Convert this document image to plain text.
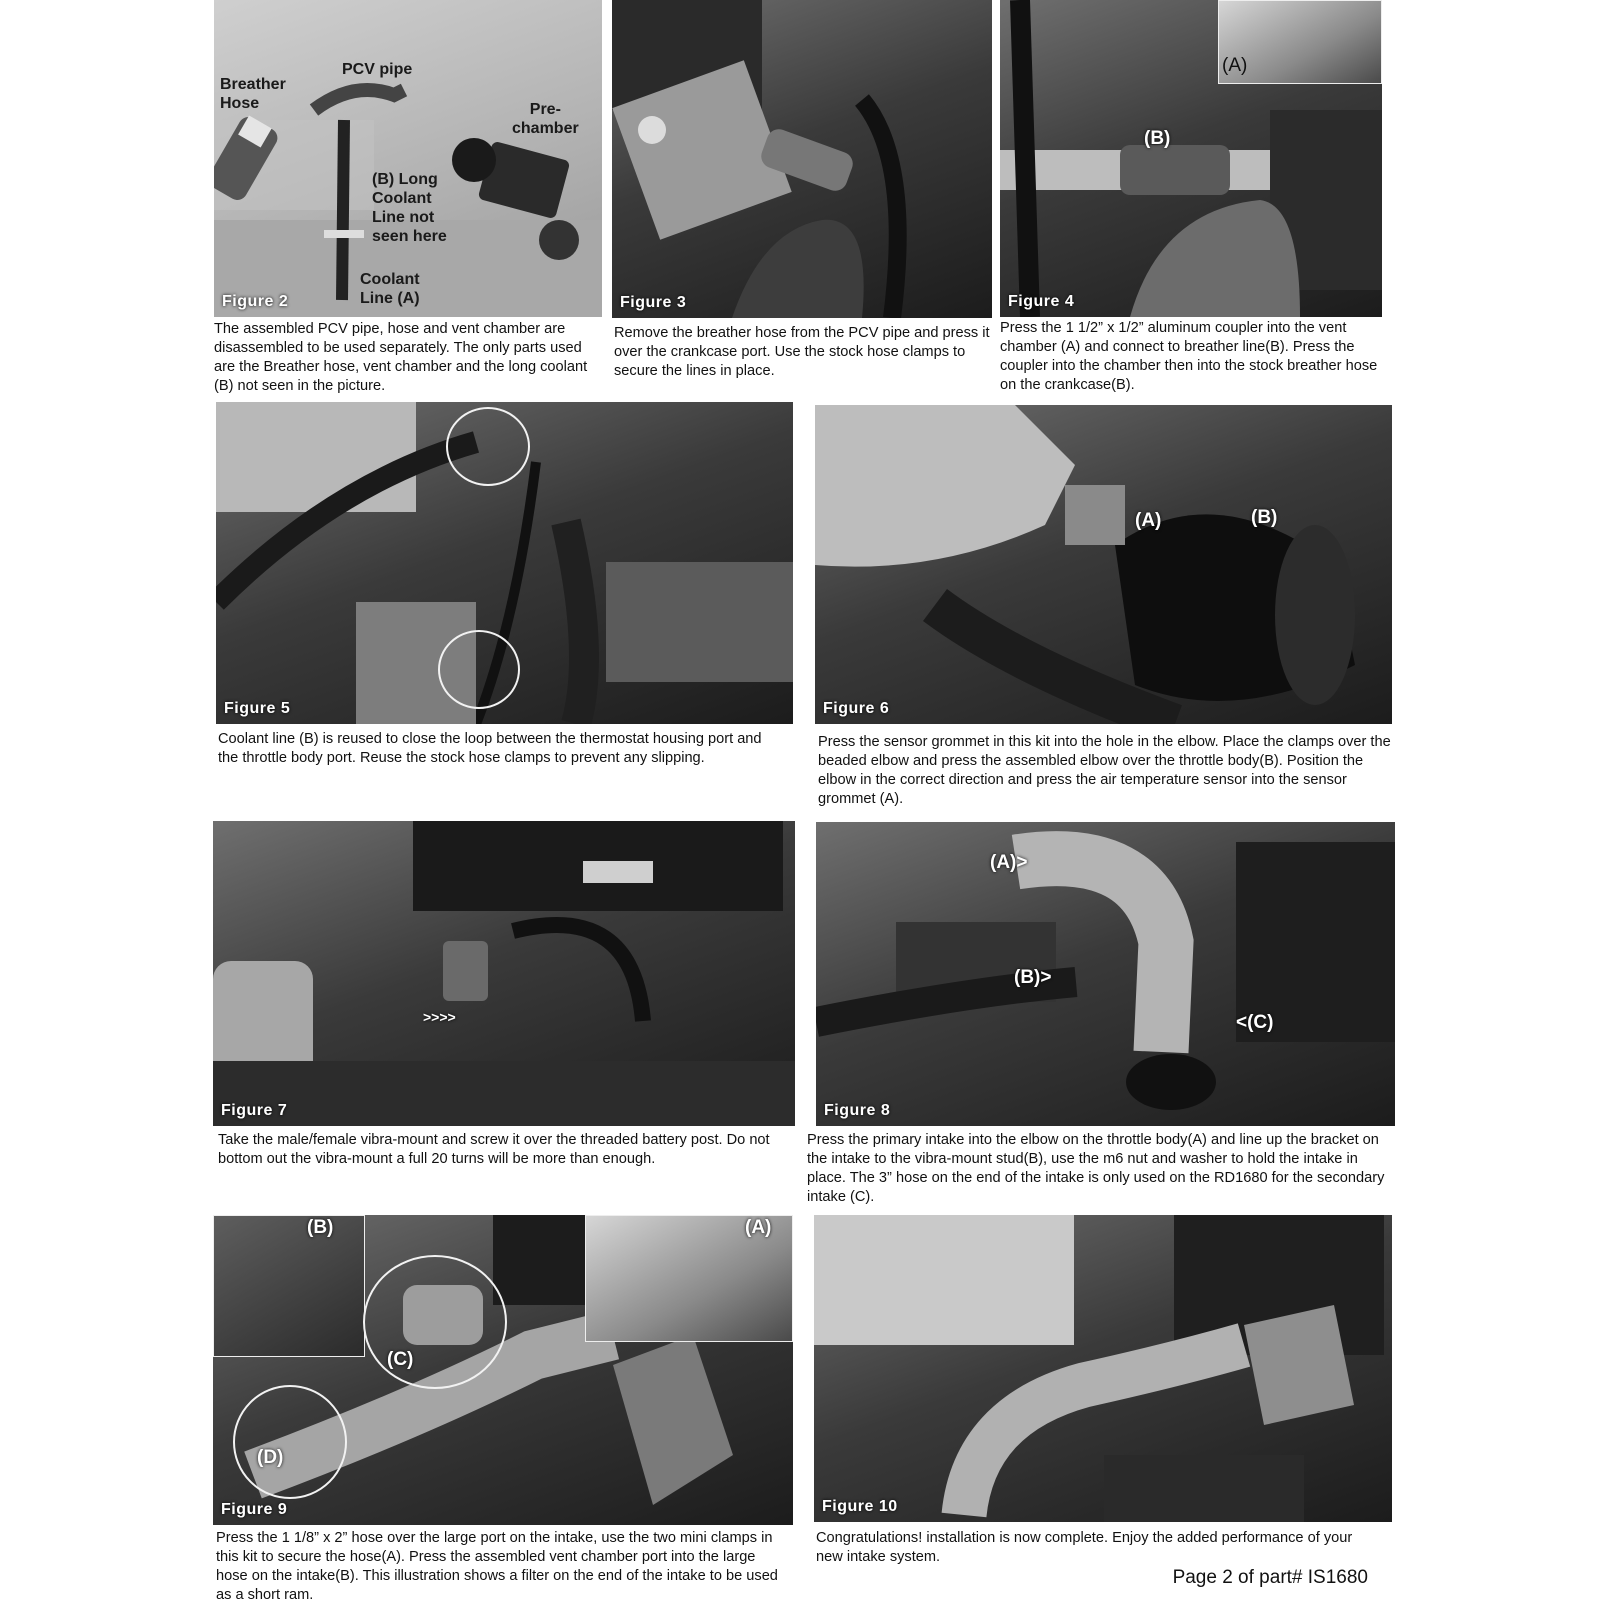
Breather
Hose
PCV pipe
Pre-
chamber
(B) Long
Coolant
Line not
seen here
Coolant
Line (A)
Figure 2

The assembled PCV pipe, hose and vent chamber are disassembled to be used separately. The only parts used are the Breather hose, vent chamber and the long coolant (B) not seen in the picture.

Figure 3

Remove the breather hose from the PCV pipe and press it over the crankcase port. Use the stock hose clamps to secure the lines in place.

(A)
(B)
Figure 4

Press the 1 1/2” x 1/2” aluminum coupler into the vent chamber (A) and connect to breather line(B). Press the coupler into the chamber then into the stock breather hose on the crankcase(B).

Figure 5

Coolant line (B) is reused to close the loop between the thermostat housing port and the throttle body port. Reuse the stock hose clamps to prevent any slipping.

(A)	(B)
Figure 6

Press the sensor grommet in this kit into the hole in the elbow. Place the clamps over the beaded elbow and press the assembled elbow over the throttle body(B). Position the elbow in the correct direction and press the air temperature sensor into the sensor grommet (A).

>>>>
Figure 7

Take the male/female vibra-mount and screw it over the threaded battery post. Do not bottom out the vibra-mount a full 20 turns will be more than enough.

(A)>
(B)>
<(C)
Figure 8

Press the primary intake into the elbow on the throttle body(A) and line up the bracket on the intake to the vibra-mount stud(B), use the m6 nut and washer to hold the intake in place. The 3” hose on the end of the intake is only used on the RD1680 for the secondary intake (C).

(B)	(A)
(C)
(D)
Figure 9

Press the 1 1/8” x 2” hose over the large port on the intake, use the two mini clamps in this kit to secure the hose(A). Press the assembled vent chamber port into the large hose on the intake(B). This illustration shows a filter on the end of the intake to be used as a short ram.

Figure 10

Congratulations! installation is now complete. Enjoy the added performance of your new intake system.

Page 2 of part# IS1680
